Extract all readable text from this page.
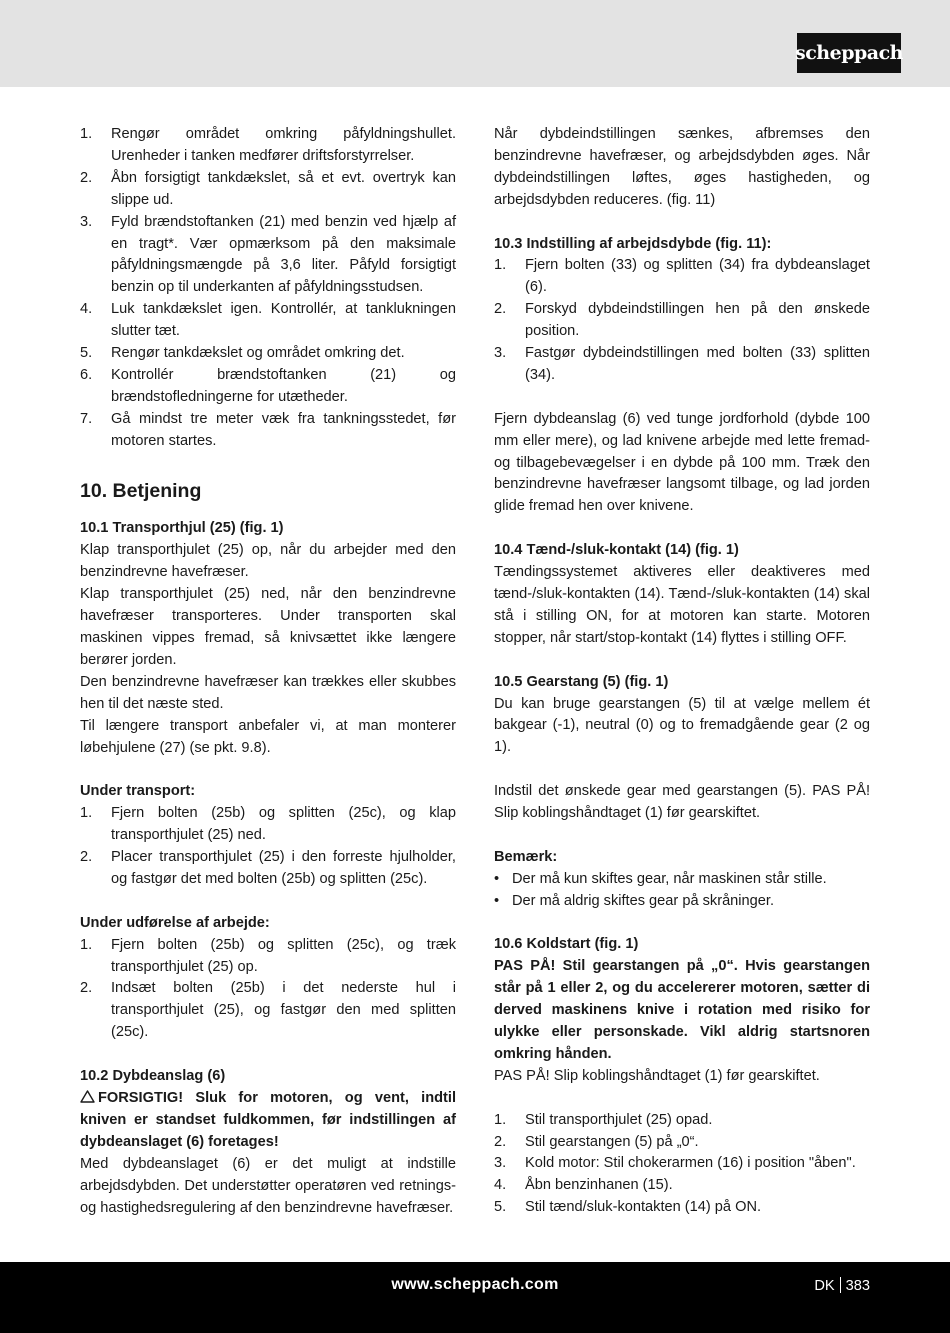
scheppach
1. Rengør området omkring påfyldningshullet. Urenheder i tanken medfører driftsforstyrrelser.
2. Åbn forsigtigt tankdækslet, så et evt. overtryk kan slippe ud.
3. Fyld brændstoftanken (21) med benzin ved hjælp af en tragt*. Vær opmærksom på den maksimale påfyldningsmængde på 3,6 liter. Påfyld forsigtigt benzin op til underkanten af påfyldningsstudsen.
4. Luk tankdækslet igen. Kontrollér, at tanklukningen slutter tæt.
5. Rengør tankdækslet og området omkring det.
6. Kontrollér brændstoftanken (21) og brændstofledningerne for utætheder.
7. Gå mindst tre meter væk fra tankningsstedet, før motoren startes.
10. Betjening
10.1 Transporthjul (25) (fig. 1)

Klap transporthjulet (25) op, når du arbejder med den benzindrevne havefræser.

Klap transporthjulet (25) ned, når den benzindrevne havefræser transporteres. Under transporten skal maskinen vippes fremad, så knivsættet ikke længere berører jorden.

Den benzindrevne havefræser kan trækkes eller skubbes hen til det næste sted.

Til længere transport anbefaler vi, at man monterer løbehjulene (27) (se pkt. 9.8).

Under transport:
1. Fjern bolten (25b) og splitten (25c), og klap transporthjulet (25) ned.
2. Placer transporthjulet (25) i den forreste hjulholder, og fastgør det med bolten (25b) og splitten (25c).
Under udførelse af arbejde:
1. Fjern bolten (25b) og splitten (25c), og træk transporthjulet (25) op.
2. Indsæt bolten (25b) i det nederste hul i transporthjulet (25), og fastgør den med splitten (25c).
10.2 Dybdeanslag (6)

FORSIGTIG! Sluk for motoren, og vent, indtil kniven er standset fuldkommen, før indstillingen af dybdeanslaget (6) foretages!

Med dybdeanslaget (6) er det muligt at indstille arbejdsdybden. Det understøtter operatøren ved retnings- og hastighedsregulering af den benzindrevne havefræser.

Når dybdeindstillingen sænkes, afbremses den benzindrevne havefræser, og arbejdsdybden øges. Når dybdeindstillingen løftes, øges hastigheden, og arbejdsdybden reduceres. (fig. 11)

10.3 Indstilling af arbejdsdybde (fig. 11):
1. Fjern bolten (33) og splitten (34) fra dybdeanslaget (6).
2. Forskyd dybdeindstillingen hen på den ønskede position.
3. Fastgør dybdeindstillingen med bolten (33) splitten (34).

Fjern dybdeanslag (6) ved tunge jordforhold (dybde 100 mm eller mere), og lad knivene arbejde med lette fremad- og tilbagebevægelser i en dybde på 100 mm. Træk den benzindrevne havefræser langsomt tilbage, og lad jorden glide fremad hen over knivene.

10.4 Tænd-/sluk-kontakt (14) (fig. 1)

Tændingssystemet aktiveres eller deaktiveres med tænd-/sluk-kontakten (14). Tænd-/sluk-kontakten (14) skal stå i stilling ON, for at motoren kan starte. Motoren stopper, når start/stop-kontakt (14) flyttes i stilling OFF.

10.5 Gearstang (5) (fig. 1)

Du kan bruge gearstangen (5) til at vælge mellem ét bakgear (-1), neutral (0) og to fremadgående gear (2 og 1).

Indstil det ønskede gear med gearstangen (5). PAS PÅ! Slip koblingshåndtaget (1) før gearskiftet.

Bemærk:
• Der må kun skiftes gear, når maskinen står stille.
• Der må aldrig skiftes gear på skråninger.
10.6 Koldstart (fig. 1)

PAS PÅ! Stil gearstangen på „0“. Hvis gearstangen står på 1 eller 2, og du accelererer motoren, sætter di derved maskinens knive i rotation med risiko for ulykke eller personskade. Vikl aldrig startsnoren omkring hånden.

PAS PÅ! Slip koblingshåndtaget (1) før gearskiftet.

1. Stil transporthjulet (25) opad.
2. Stil gearstangen (5) på „0“.
3. Kold motor: Stil chokerarmen (16) i position "åben".
4. Åbn benzinhanen (15).
5. Stil tænd/sluk-kontakten (14) på ON.
www.scheppach.com	DK 383
